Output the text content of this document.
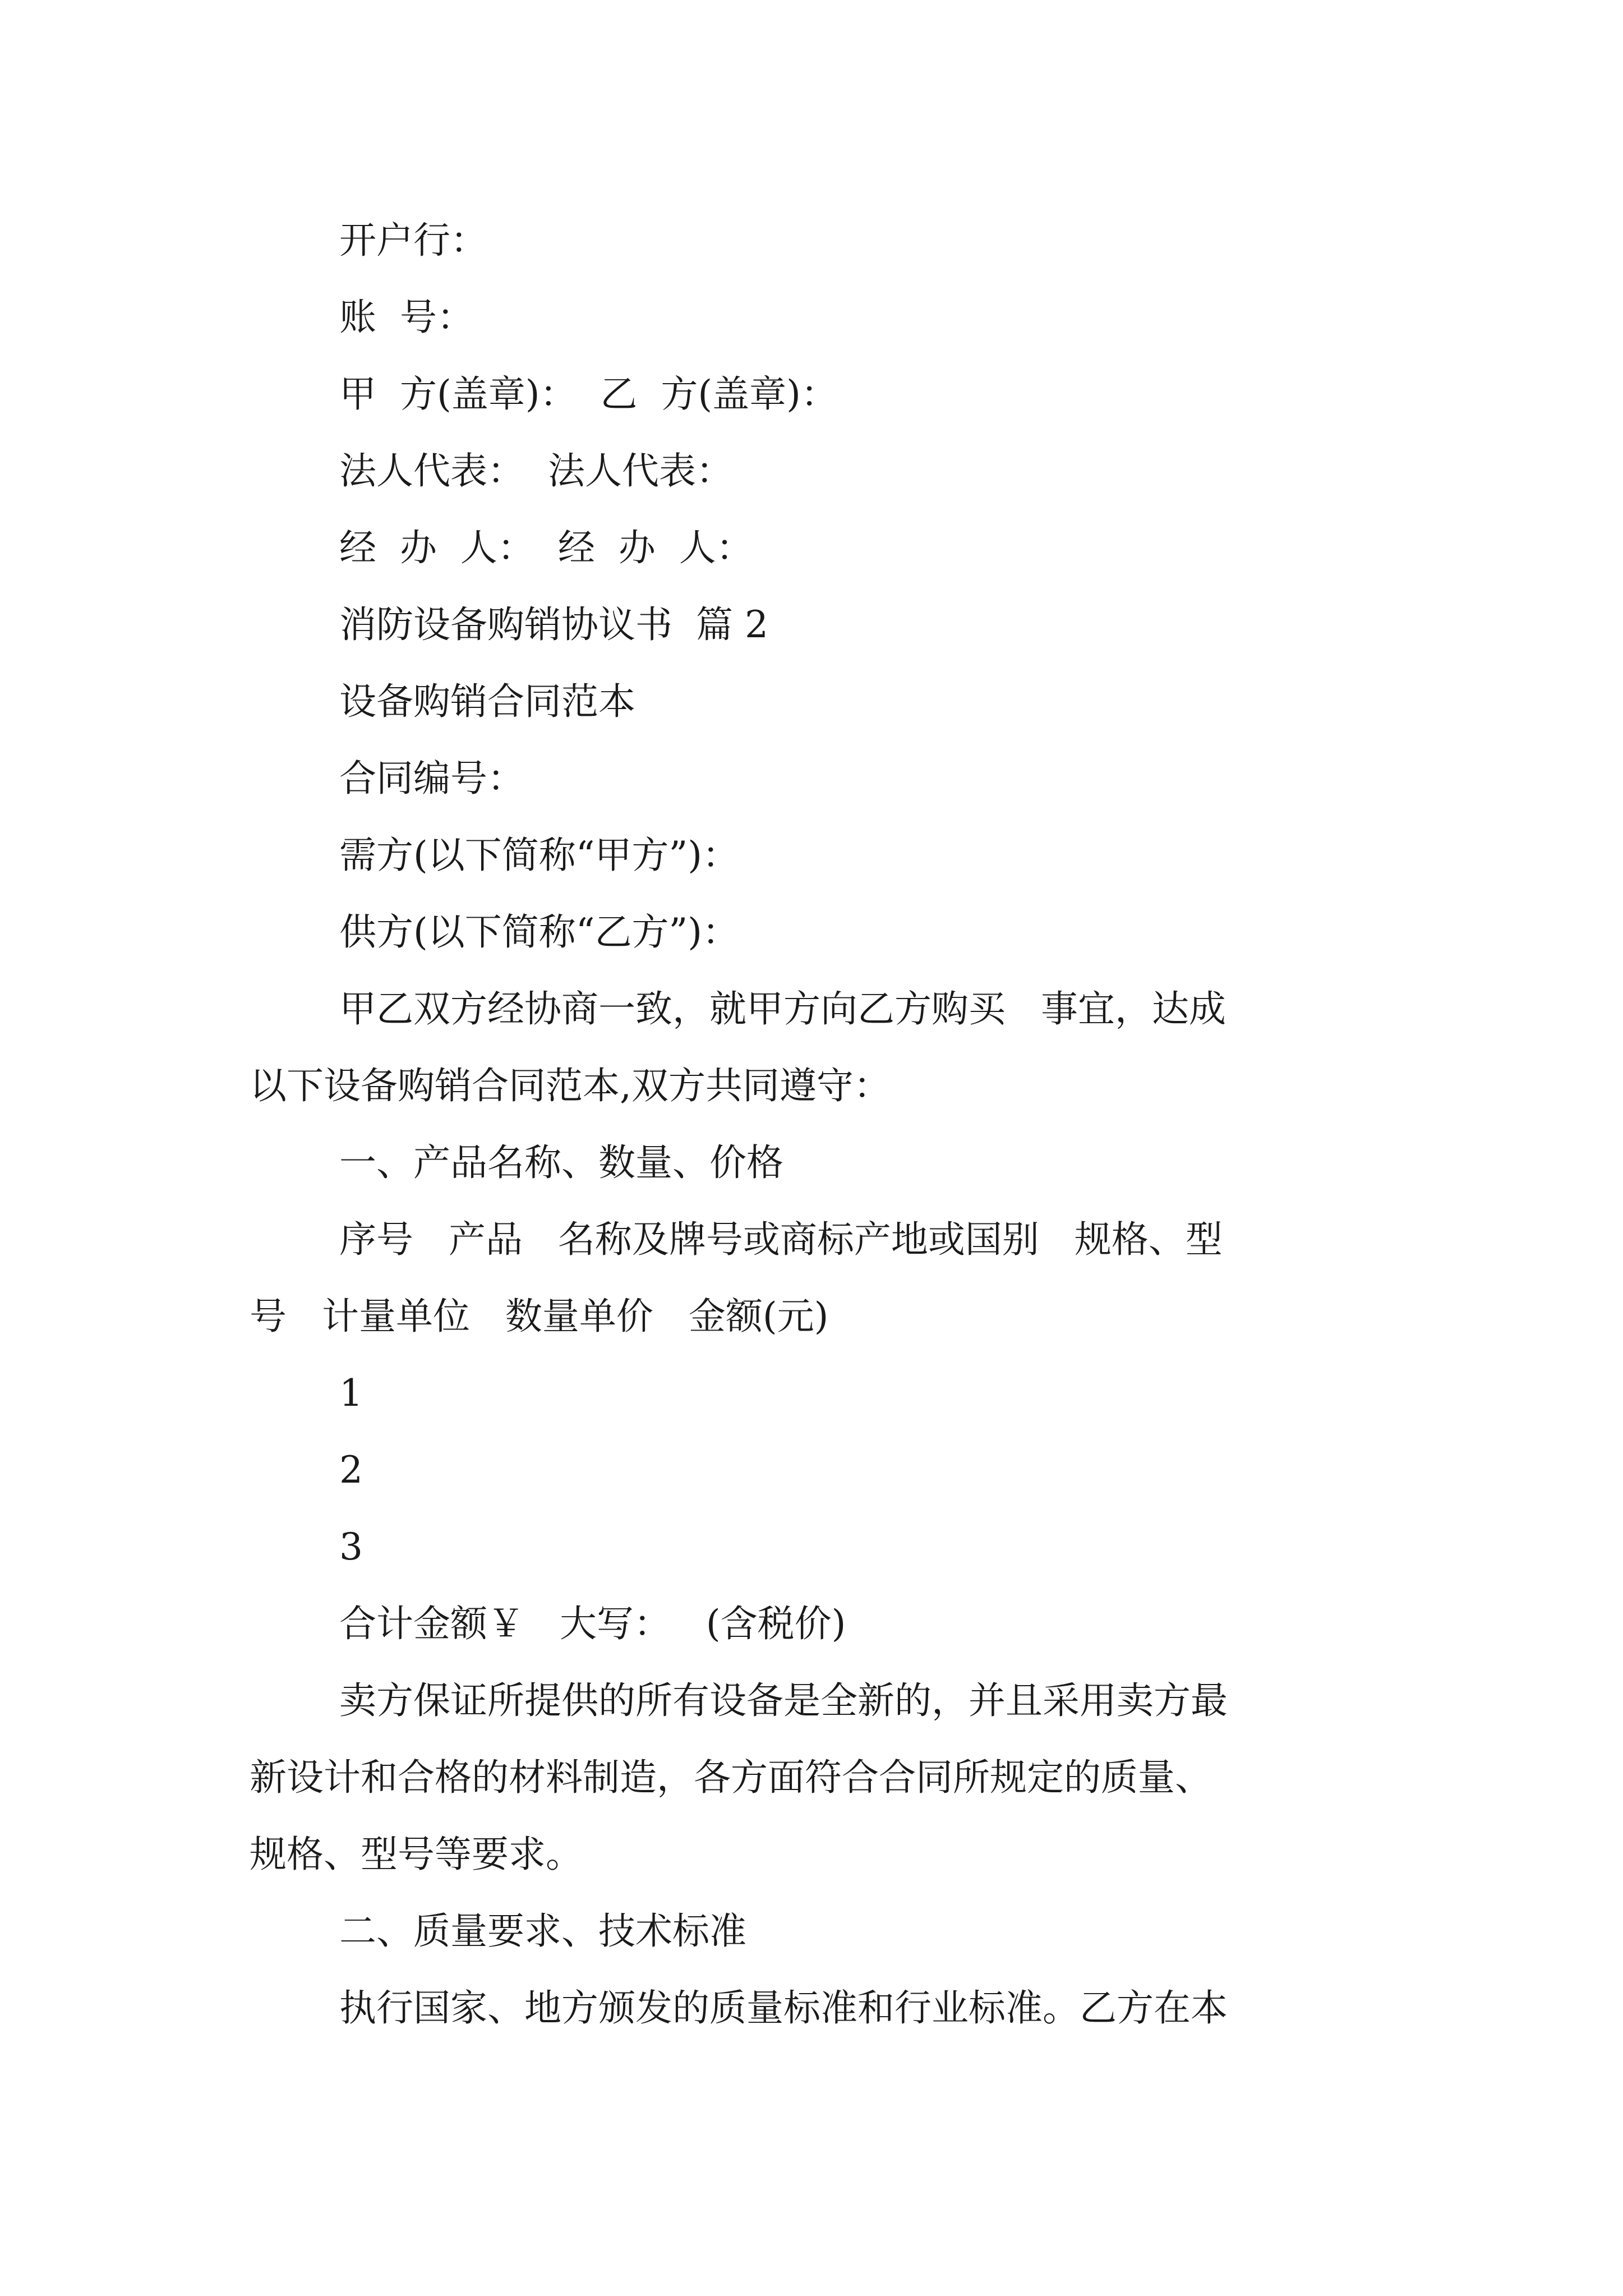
开户行：
账  号：
甲  方(盖章)：  乙  方(盖章)：
法人代表：  法人代表：
经  办  人：  经  办  人：
消防设备购销协议书  篇 2
设备购销合同范本
合同编号：
需方(以下简称“甲方”)：
供方(以下简称“乙方”)：
甲乙双方经协商一致，就甲方向乙方购买   事宜，达成
以下设备购销合同范本,双方共同遵守：
一、产品名称、数量、价格
序号   产品   名称及牌号或商标产地或国别   规格、型
号   计量单位   数量单价   金额(元)
1
2
3
合计金额￥   大写：   (含税价)
卖方保证所提供的所有设备是全新的，并且采用卖方最
新设计和合格的材料制造，各方面符合合同所规定的质量、
规格、型号等要求。
二、质量要求、技术标准
执行国家、地方颁发的质量标准和行业标准。乙方在本
